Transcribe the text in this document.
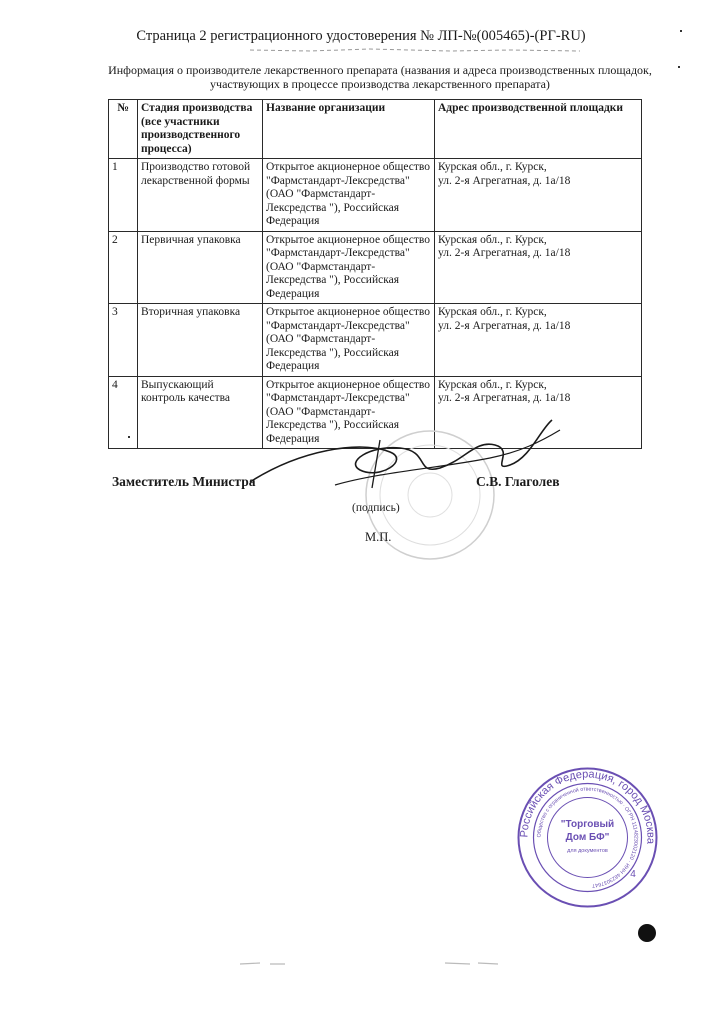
Страница 2 регистрационного удостоверения № ЛП-№(005465)-(РГ-RU)
Информация о производителе лекарственного препарата (названия и адреса производственных площадок,
участвующих в процессе производства лекарственного препарата)
№	Стадия производства (все участники производственного процесса)	Название организации	Адрес производственной площадки
1	Производство готовой лекарственной формы	Открытое акционерное общество "Фармстандарт-Лексредства" (ОАО "Фармстандарт-Лексредства "), Российская Федерация	Курская обл., г. Курск,
ул. 2-я Агрегатная, д. 1а/18

2	Первичная упаковка	Открытое акционерное общество "Фармстандарт-Лексредства" (ОАО "Фармстандарт-Лексредства "), Российская Федерация	Курская обл., г. Курск,
ул. 2-я Агрегатная, д. 1а/18

3	Вторичная упаковка	Открытое акционерное общество "Фармстандарт-Лексредства" (ОАО "Фармстандарт-Лексредства "), Российская Федерация	Курская обл., г. Курск,
ул. 2-я Агрегатная, д. 1а/18

4	Выпускающий контроль качества	Открытое акционерное общество "Фармстандарт-Лексредства" (ОАО "Фармстандарт-Лексредства "), Российская Федерация	Курская обл., г. Курск,
ул. 2-я Агрегатная, д. 1а/18
Заместитель Министра	С.В. Глаголев
(подпись)
М.П.
Российская Федерация, город Москва
Общество с ограниченной ответственностью · ОГРН 1114823002120 · ИНН 4823037647
"Торговый
Дом БФ"
для документов
4
